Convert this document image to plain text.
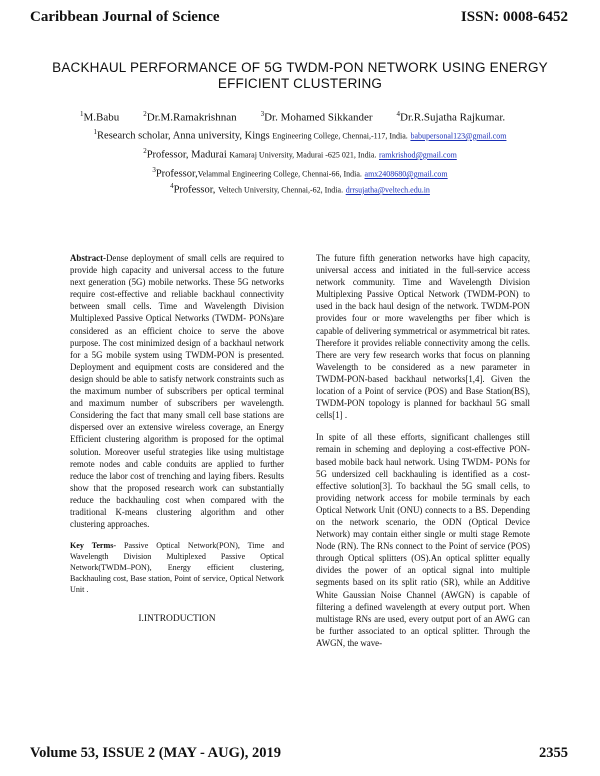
Caribbean Journal of Science	ISSN: 0008-6452
BACKHAUL PERFORMANCE OF 5G TWDM-PON NETWORK USING ENERGY EFFICIENT CLUSTERING
$^1$M.Babu	$^2$Dr.M.Ramakrishnan	$^3$Dr. Mohamed Sikkander	$^4$Dr.R.Sujatha Rajkumar.
$^1$Research scholar, Anna university, Kings Engineering College, Chennai,-117, India. babupersonal123@gmail.com
$^2$Professor, Madurai Kamaraj University, Madurai -625 021, India. ramkrishod@gmail.com
$^3$Professor,Velammal Engineering College, Chennai-66, India. amx2408680@gmail.com
$^4$Professor, Veltech University, Chennai,-62, India. drrsujatha@veltech.edu.in

Abstract-Dense deployment of small cells are required to provide high capacity and universal access to the future next generation (5G) mobile networks. These 5G networks require cost-effective and reliable backhaul connectivity between small cells. Time and Wavelength Division Multiplexed Passive Optical Networks (TWDM- PONs)are considered as an efficient choice to serve the above purpose. The cost minimized design of a backhaul network for a 5G mobile system using TWDM-PON is presented. Deployment and equipment costs are considered and the design should be able to satisfy network constraints such as the maximum number of subscribers per optical terminal and maximum number of subscribers per wavelength. Considering the fact that many small cell base stations are dispersed over an extensive wireless coverage, an Energy Efficient clustering algorithm is proposed for the optimal solution. Moreover useful strategies like using multistage remote nodes and cable conduits are applied to further reduce the labor cost of trenching and laying fibers. Results show that the proposed research work can substantially reduce the backhauling cost when compared with the traditional K-means clustering algorithm and other clustering approaches.

Key Terms- Passive Optical Network(PON), Time and Wavelength Division Multiplexed Passive Optical Network(TWDM–PON), Energy efficient clustering, Backhauling cost, Base station, Point of service, Optical Network Unit .

I.INTRODUCTION

The future fifth generation networks have high capacity, universal access and initiated in the full-service access network community. Time and Wavelength Division Multiplexing Passive Optical Network (TWDM-PON) to used in the back haul design of the network. TWDM-PON provides four or more wavelengths per fiber which is capable of delivering symmetrical or asymmetrical bit rates. Therefore it provides reliable connectivity among the cells. There are very few research works that focus on planning Wavelength to be considered as a new parameter in TWDM-PON-based backhaul networks[1,4]. Given the location of a Point of service (POS) and Base Station(BS), TWDM-PON topology is planned for backhaul 5G small cells[1] .

In spite of all these efforts, significant challenges still remain in scheming and deploying a cost-effective PON-based mobile back haul network. Using TWDM- PONs for 5G undersized cell backhauling is identified as a cost-effective solution[3]. To backhaul the 5G small cells, to providing network access for mobile terminals by each Optical Network Unit (ONU) connects to a BS. Depending on the network scenario, the ODN (Optical Device Network) may contain either single or multi stage Remote Node (RN). The RNs connect to the Point of service (POS) through Optical splitters (OS).An optical splitter equally divides the power of an optical signal into multiple segments based on its split ratio (SR), while an Additive White Gaussian Noise Channel (AWGN) is capable of filtering a defined wavelength at every output port. When multistage RNs are used, every output port of an AWG can be further associated to an optical splitter. Through the AWGN, the wave-

Volume 53, ISSUE 2 (MAY - AUG), 2019	2355
